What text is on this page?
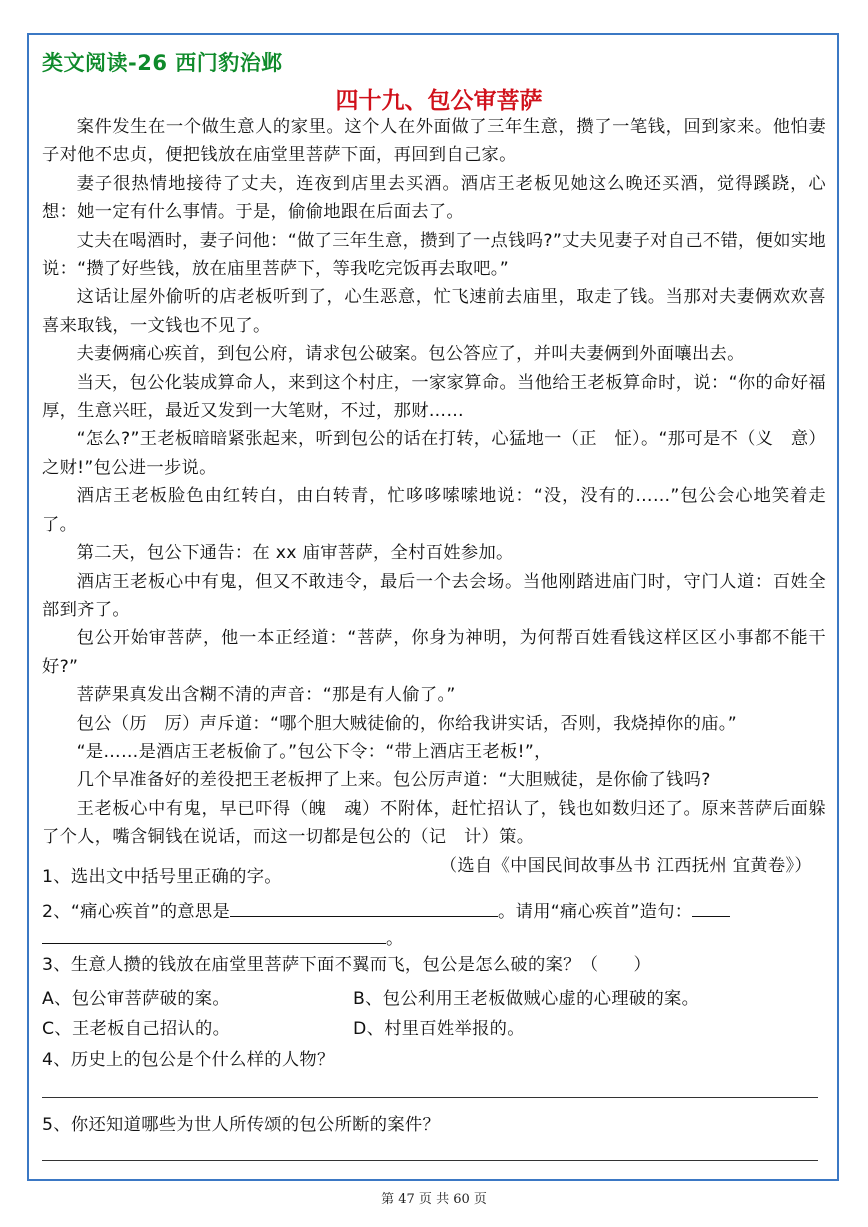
类文阅读-26 西门豹治邺
四十九、包公审菩萨

案件发生在一个做生意人的家里。这个人在外面做了三年生意，攒了一笔钱，回到家来。他怕妻子对他不忠贞，便把钱放在庙堂里菩萨下面，再回到自己家。

妻子很热情地接待了丈夫，连夜到店里去买酒。酒店王老板见她这么晚还买酒，觉得蹊跷，心想：她一定有什么事情。于是，偷偷地跟在后面去了。

丈夫在喝酒时，妻子问他：“做了三年生意，攒到了一点钱吗?”丈夫见妻子对自己不错，便如实地说：“攒了好些钱，放在庙里菩萨下，等我吃完饭再去取吧。”

这话让屋外偷听的店老板听到了，心生恶意，忙飞速前去庙里，取走了钱。当那对夫妻俩欢欢喜喜来取钱，一文钱也不见了。

夫妻俩痛心疾首，到包公府，请求包公破案。包公答应了，并叫夫妻俩到外面嚷出去。

当天，包公化装成算命人，来到这个村庄，一家家算命。当他给王老板算命时，说：“你的命好福厚，生意兴旺，最近又发到一大笔财，不过，那财……

“怎么?”王老板暗暗紧张起来，听到包公的话在打转，心猛地一（正　怔）。“那可是不（义　意）之财!”包公进一步说。

酒店王老板脸色由红转白，由白转青，忙哆哆嗦嗦地说：“没，没有的……”包公会心地笑着走了。

第二天，包公下通告：在 xx 庙审菩萨，全村百姓参加。

酒店王老板心中有鬼，但又不敢违令，最后一个去会场。当他刚踏进庙门时，守门人道：百姓全部到齐了。

包公开始审菩萨，他一本正经道：“菩萨，你身为神明，为何帮百姓看钱这样区区小事都不能干好?”

菩萨果真发出含糊不清的声音：“那是有人偷了。”

包公（历　厉）声斥道：“哪个胆大贼徒偷的，你给我讲实话，否则，我烧掉你的庙。”

“是……是酒店王老板偷了。”包公下令：“带上酒店王老板!”，

几个早准备好的差役把王老板押了上来。包公厉声道：“大胆贼徒，是你偷了钱吗?

王老板心中有鬼，早已吓得（魄　魂）不附体，赶忙招认了，钱也如数归还了。原来菩萨后面躲了个人，嘴含铜钱在说话，而这一切都是包公的（记　计）策。

（选自《中国民间故事丛书 江西抚州 宜黄卷》）

1、选出文中括号里正确的字。
2、“痛心疾首”的意思是	。请用“痛心疾首”造句：
。
3、生意人攒的钱放在庙堂里菩萨下面不翼而飞，包公是怎么破的案？（　　）
A、包公审菩萨破的案。	B、包公利用王老板做贼心虚的心理破的案。
C、王老板自己招认的。	D、村里百姓举报的。
4、历史上的包公是个什么样的人物？
5、你还知道哪些为世人所传颂的包公所断的案件？
第 47 页 共 60 页
